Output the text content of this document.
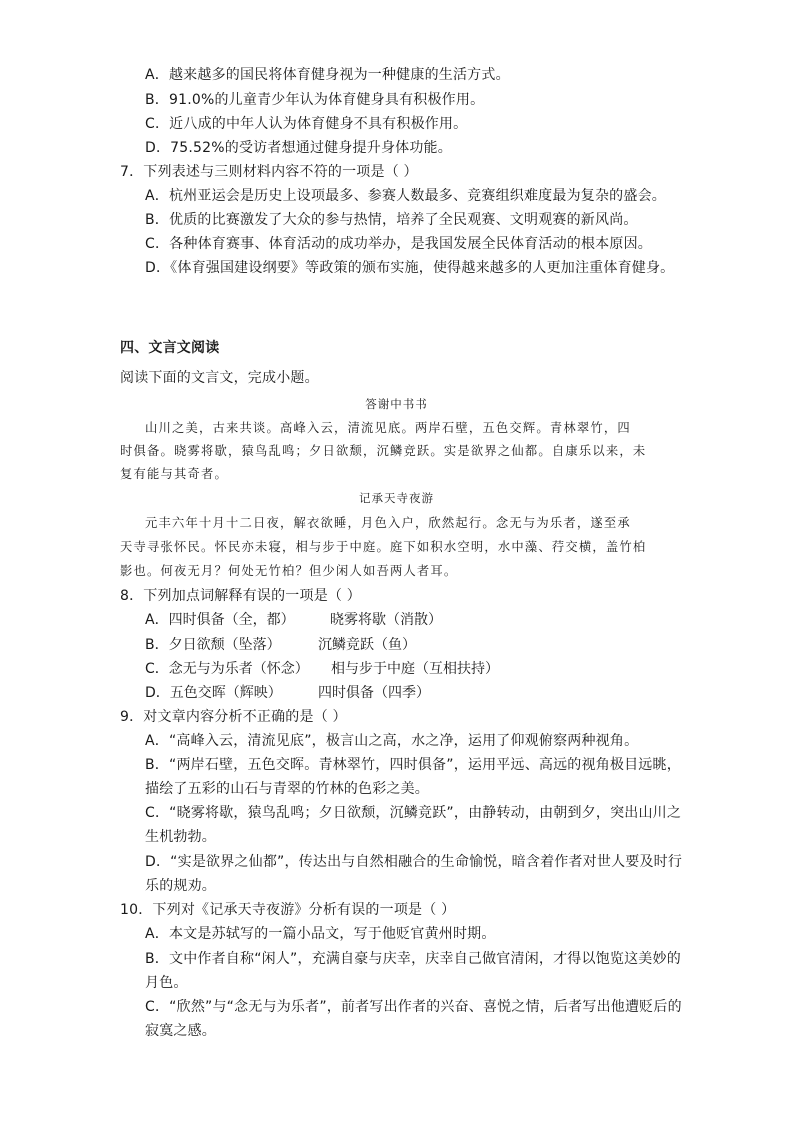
A．越来越多的国民将体育健身视为一种健康的生活方式。
B．91.0%的儿童青少年认为体育健身具有积极作用。
C．近八成的中年人认为体育健身不具有积极作用。
D．75.52%的受访者想通过健身提升身体功能。
7．下列表述与三则材料内容不符的一项是（ ）
A．杭州亚运会是历史上设项最多、参赛人数最多、竞赛组织难度最为复杂的盛会。
B．优质的比赛激发了大众的参与热情，培养了全民观赛、文明观赛的新风尚。
C．各种体育赛事、体育活动的成功举办，是我国发展全民体育活动的根本原因。
D．《体育强国建设纲要》等政策的颁布实施，使得越来越多的人更加注重体育健身。
四、文言文阅读
阅读下面的文言文，完成小题。
答谢中书书
山川之美，古来共谈。高峰入云，清流见底。两岸石壁，五色交辉。青林翠竹，四
时俱备。晓雾将歇，猿鸟乱鸣；夕日欲颓，沉鳞竞跃。实是欲界之仙都。自康乐以来，未
复有能与其奇者。
记承天寺夜游
元丰六年十月十二日夜，解衣欲睡，月色入户，欣然起行。念无与为乐者，遂至承
天寺寻张怀民。怀民亦未寝，相与步于中庭。庭下如积水空明，水中藻、荇交横，盖竹柏
影也。何夜无月？何处无竹柏？但少闲人如吾两人者耳。
8．下列加点词解释有误的一项是（ ）
A．四时俱备（全，都）	晓雾将歇（消散）
B．夕日欲颓（坠落）	沉鳞竞跃（鱼）
C．念无与为乐者（怀念） 相与步于中庭（互相扶持）
D．五色交晖（辉映）	四时俱备（四季）
9．对文章内容分析不正确的是（ ）
A．“高峰入云，清流见底”，极言山之高，水之净，运用了仰观俯察两种视角。
B．“两岸石壁，五色交晖。青林翠竹，四时俱备”，运用平远、高远的视角极目远眺，
描绘了五彩的山石与青翠的竹林的色彩之美。
C．“晓雾将歇，猿鸟乱鸣；夕日欲颓，沉鳞竞跃”，由静转动，由朝到夕，突出山川之
生机勃勃。
D．“实是欲界之仙都”，传达出与自然相融合的生命愉悦，暗含着作者对世人要及时行
乐的规劝。
10．下列对《记承天寺夜游》分析有误的一项是（ ）
A．本文是苏轼写的一篇小品文，写于他贬官黄州时期。
B．文中作者自称“闲人”，充满自豪与庆幸，庆幸自己做官清闲，才得以饱览这美妙的
月色。
C．“欣然”与“念无与为乐者”，前者写出作者的兴奋、喜悦之情，后者写出他遭贬后的
寂寞之感。
